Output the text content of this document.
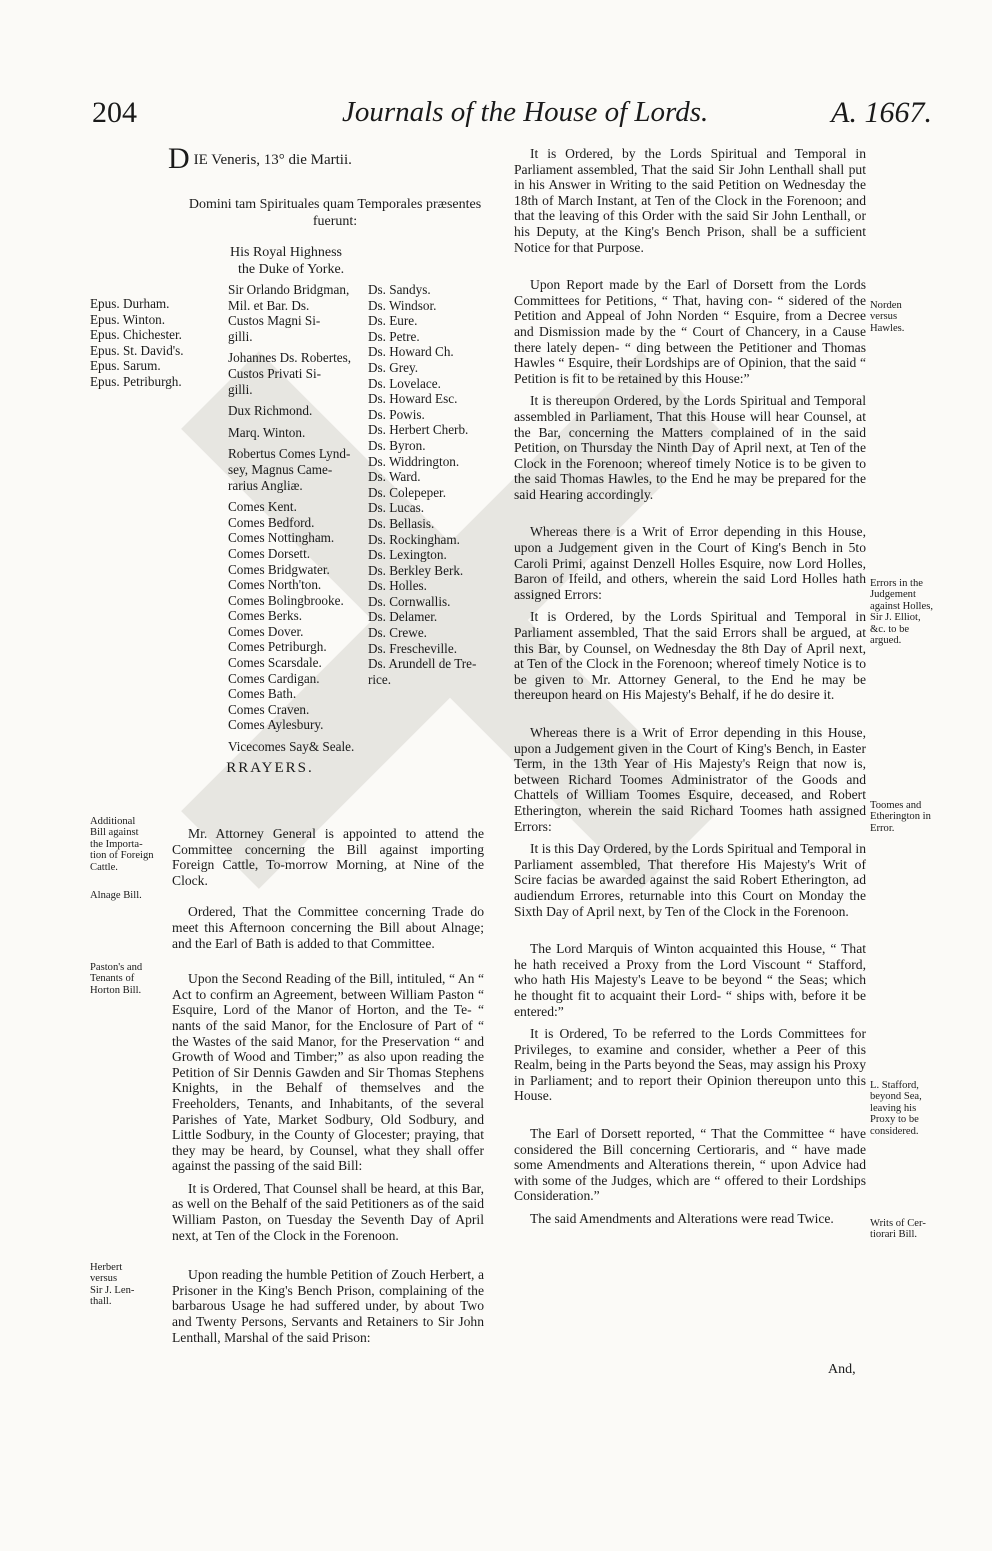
204	Journals of the House of Lords.	A. 1667.
D IE Veneris, 13° die Martii.
Domini tam Spirituales quam Temporales præsentes fuerunt:
His Royal Highness
the Duke of Yorke.
Epus. Durham.
Epus. Winton.
Epus. Chichester.
Epus. St. David's.
Epus. Sarum.
Epus. Petriburgh.
Sir Orlando Bridgman,
Mil. et Bar. Ds.
Custos Magni Si-
gilli.
Johannes Ds. Robertes,
Custos Privati Si-
gilli.
Dux Richmond.
Marq. Winton.
Robertus Comes Lynd-
sey, Magnus Came-
rarius Angliæ.
Comes Kent.
Comes Bedford.
Comes Nottingham.
Comes Dorsett.
Comes Bridgwater.
Comes North'ton.
Comes Bolingbrooke.
Comes Berks.
Comes Dover.
Comes Petriburgh.
Comes Scarsdale.
Comes Cardigan.
Comes Bath.
Comes Craven.
Comes Aylesbury.
Vicecomes Say& Seale.
Ds. Sandys.
Ds. Windsor.
Ds. Eure.
Ds. Petre.
Ds. Howard Ch.
Ds. Grey.
Ds. Lovelace.
Ds. Howard Esc.
Ds. Powis.
Ds. Herbert Cherb.
Ds. Byron.
Ds. Widdrington.
Ds. Ward.
Ds. Colepeper.
Ds. Lucas.
Ds. Bellasis.
Ds. Rockingham.
Ds. Lexington.
Ds. Berkley Berk.
Ds. Holles.
Ds. Cornwallis.
Ds. Delamer.
Ds. Crewe.
Ds. Frescheville.
Ds. Arundell de Tre-
rice.
RRAYERS.

Mr. Attorney General is appointed to attend the Committee concerning the Bill against importing Foreign Cattle, To-morrow Morning, at Nine of the Clock.

Ordered, That the Committee concerning Trade do meet this Afternoon concerning the Bill about Alnage; and the Earl of Bath is added to that Committee.

Upon the Second Reading of the Bill, intituled, “ An “ Act to confirm an Agreement, between William Paston “ Esquire, Lord of the Manor of Horton, and the Te- “ nants of the said Manor, for the Enclosure of Part of “ the Wastes of the said Manor, for the Preservation “ and Growth of Wood and Timber;” as also upon reading the Petition of Sir Dennis Gawden and Sir Thomas Stephens Knights, in the Behalf of themselves and the Freeholders, Tenants, and Inhabitants, of the several Parishes of Yate, Market Sodbury, Old Sodbury, and Little Sodbury, in the County of Glocester; praying, that they may be heard, by Counsel, what they shall offer against the passing of the said Bill:

It is Ordered, That Counsel shall be heard, at this Bar, as well on the Behalf of the said Petitioners as of the said William Paston, on Tuesday the Seventh Day of April next, at Ten of the Clock in the Forenoon.

Upon reading the humble Petition of Zouch Herbert, a Prisoner in the King's Bench Prison, complaining of the barbarous Usage he had suffered under, by about Two and Twenty Persons, Servants and Retainers to Sir John Lenthall, Marshal of the said Prison:

Additional
Bill against
the Importa-
tion of Foreign
Cattle.
Alnage Bill.
Paston's and
Tenants of
Horton Bill.
Herbert
versus
Sir J. Len-
thall.

It is Ordered, by the Lords Spiritual and Temporal in Parliament assembled, That the said Sir John Lenthall shall put in his Answer in Writing to the said Petition on Wednesday the 18th of March Instant, at Ten of the Clock in the Forenoon; and that the leaving of this Order with the said Sir John Lenthall, or his Deputy, at the King's Bench Prison, shall be a sufficient Notice for that Purpose.

Upon Report made by the Earl of Dorsett from the Lords Committees for Petitions, “ That, having con- “ sidered of the Petition and Appeal of John Norden “ Esquire, from a Decree and Dismission made by the “ Court of Chancery, in a Cause there lately depen- “ ding between the Petitioner and Thomas Hawles “ Esquire, their Lordships are of Opinion, that the said “ Petition is fit to be retained by this House:”

It is thereupon Ordered, by the Lords Spiritual and Temporal assembled in Parliament, That this House will hear Counsel, at the Bar, concerning the Matters complained of in the said Petition, on Thursday the Ninth Day of April next, at Ten of the Clock in the Forenoon; whereof timely Notice is to be given to the said Thomas Hawles, to the End he may be prepared for the said Hearing accordingly.

Whereas there is a Writ of Error depending in this House, upon a Judgement given in the Court of King's Bench in 5to Caroli Primi, against Denzell Holles Esquire, now Lord Holles, Baron of Ifeild, and others, wherein the said Lord Holles hath assigned Errors:

It is Ordered, by the Lords Spiritual and Temporal in Parliament assembled, That the said Errors shall be argued, at this Bar, by Counsel, on Wednesday the 8th Day of April next, at Ten of the Clock in the Forenoon; whereof timely Notice is to be given to Mr. Attorney General, to the End he may be thereupon heard on His Majesty's Behalf, if he do desire it.

Whereas there is a Writ of Error depending in this House, upon a Judgement given in the Court of King's Bench, in Easter Term, in the 13th Year of His Majesty's Reign that now is, between Richard Toomes Administrator of the Goods and Chattels of William Toomes Esquire, deceased, and Robert Etherington, wherein the said Richard Toomes hath assigned Errors:

It is this Day Ordered, by the Lords Spiritual and Temporal in Parliament assembled, That therefore His Majesty's Writ of Scire facias be awarded against the said Robert Etherington, ad audiendum Errores, returnable into this Court on Monday the Sixth Day of April next, by Ten of the Clock in the Forenoon.

The Lord Marquis of Winton acquainted this House, “ That he hath received a Proxy from the Lord Viscount “ Stafford, who hath His Majesty's Leave to be beyond “ the Seas; which he thought fit to acquaint their Lord- “ ships with, before it be entered:”

It is Ordered, To be referred to the Lords Committees for Privileges, to examine and consider, whether a Peer of this Realm, being in the Parts beyond the Seas, may assign his Proxy in Parliament; and to report their Opinion thereupon unto this House.

The Earl of Dorsett reported, “ That the Committee “ have considered the Bill concerning Certioraris, and “ have made some Amendments and Alterations therein, “ upon Advice had with some of the Judges, which are “ offered to their Lordships Consideration.”

The said Amendments and Alterations were read Twice.

And,
Norden
versus
Hawles.
Errors in the
Judgement
against Holles,
Sir J. Elliot,
&c. to be
argued.
Toomes and
Etherington in
Error.
L. Stafford,
beyond Sea,
leaving his
Proxy to be
considered.
Writs of Cer-
tiorari Bill.
